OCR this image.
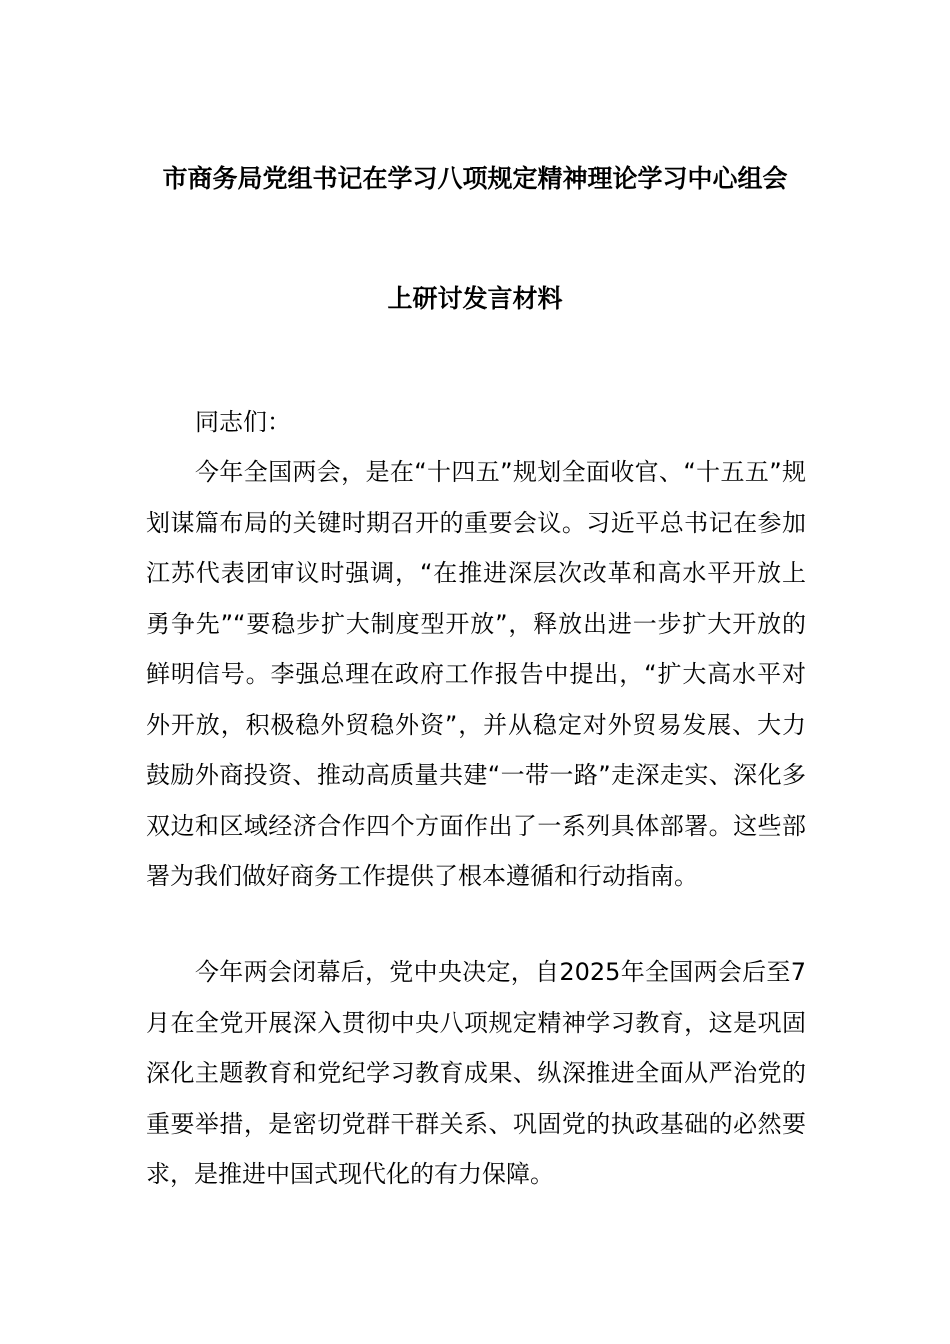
市商务局党组书记在学习八项规定精神理论学习中心组会
上研讨发言材料
同志们：

今年全国两会，是在“十四五”规划全面收官、“十五五”规划谋篇布局的关键时期召开的重要会议。习近平总书记在参加江苏代表团审议时强调，“在推进深层次改革和高水平开放上勇争先”“要稳步扩大制度型开放”，释放出进一步扩大开放的鲜明信号。李强总理在政府工作报告中提出，“扩大高水平对外开放，积极稳外贸稳外资”，并从稳定对外贸易发展、大力鼓励外商投资、推动高质量共建“一带一路”走深走实、深化多双边和区域经济合作四个方面作出了一系列具体部署。这些部署为我们做好商务工作提供了根本遵循和行动指南。

今年两会闭幕后，党中央决定，自2025年全国两会后至7月在全党开展深入贯彻中央八项规定精神学习教育，这是巩固深化主题教育和党纪学习教育成果、纵深推进全面从严治党的重要举措，是密切党群干群关系、巩固党的执政基础的必然要求，是推进中国式现代化的有力保障。
